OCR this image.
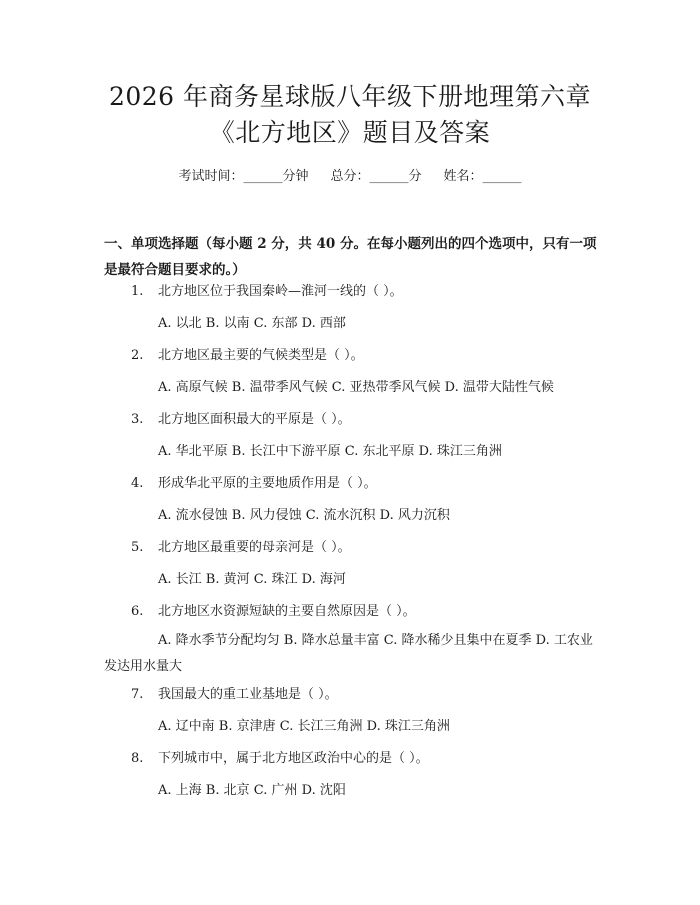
2026 年商务星球版八年级下册地理第六章
《北方地区》题目及答案
考试时间：______分钟 总分：______分 姓名：______
一、单项选择题（每小题 2 分，共 40 分。在每小题列出的四个选项中，只有一项是最符合题目要求的。）
1. 北方地区位于我国秦岭—淮河一线的（ ）。
A. 以北 B. 以南 C. 东部 D. 西部
2. 北方地区最主要的气候类型是（ ）。
A. 高原气候 B. 温带季风气候 C. 亚热带季风气候 D. 温带大陆性气候
3. 北方地区面积最大的平原是（ ）。
A. 华北平原 B. 长江中下游平原 C. 东北平原 D. 珠江三角洲
4. 形成华北平原的主要地质作用是（ ）。
A. 流水侵蚀 B. 风力侵蚀 C. 流水沉积 D. 风力沉积
5. 北方地区最重要的母亲河是（ ）。
A. 长江 B. 黄河 C. 珠江 D. 海河
6. 北方地区水资源短缺的主要自然原因是（ ）。
A. 降水季节分配均匀 B. 降水总量丰富 C. 降水稀少且集中在夏季 D. 工农业发达用水量大
7. 我国最大的重工业基地是（ ）。
A. 辽中南 B. 京津唐 C. 长江三角洲 D. 珠江三角洲
8. 下列城市中，属于北方地区政治中心的是（ ）。
A. 上海 B. 北京 C. 广州 D. 沈阳
